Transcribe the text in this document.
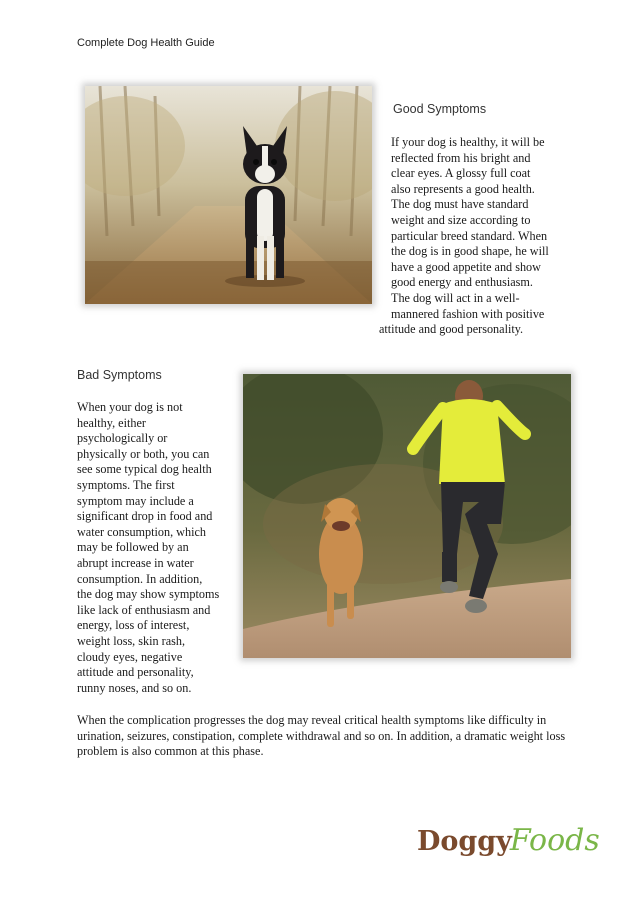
Complete Dog Health Guide
Good Symptoms
If your dog is healthy, it will be
reflected from his bright and
clear eyes. A glossy full coat
also represents a good health.
The dog must have standard
weight and size according to
particular breed standard. When
the dog is in good shape, he will
have a good appetite and show
good energy and enthusiasm.
The dog will act in a well-
mannered fashion with positive
attitude and good personality.
Bad Symptoms
When your dog is not
healthy, either
psychologically or
physically or both, you can
see some typical dog health
symptoms. The first
symptom may include a
significant drop in food and
water consumption, which
may be followed by an
abrupt increase in water
consumption. In addition,
the dog may show symptoms
like lack of enthusiasm and
energy, loss of interest,
weight loss, skin rash,
cloudy eyes, negative
attitude and personality,
runny noses, and so on.

When the complication progresses the dog may reveal critical health symptoms like difficulty in urination, seizures, constipation, complete withdrawal and so on. In addition, a dramatic weight loss problem is also common at this phase.

DoggyFoods
